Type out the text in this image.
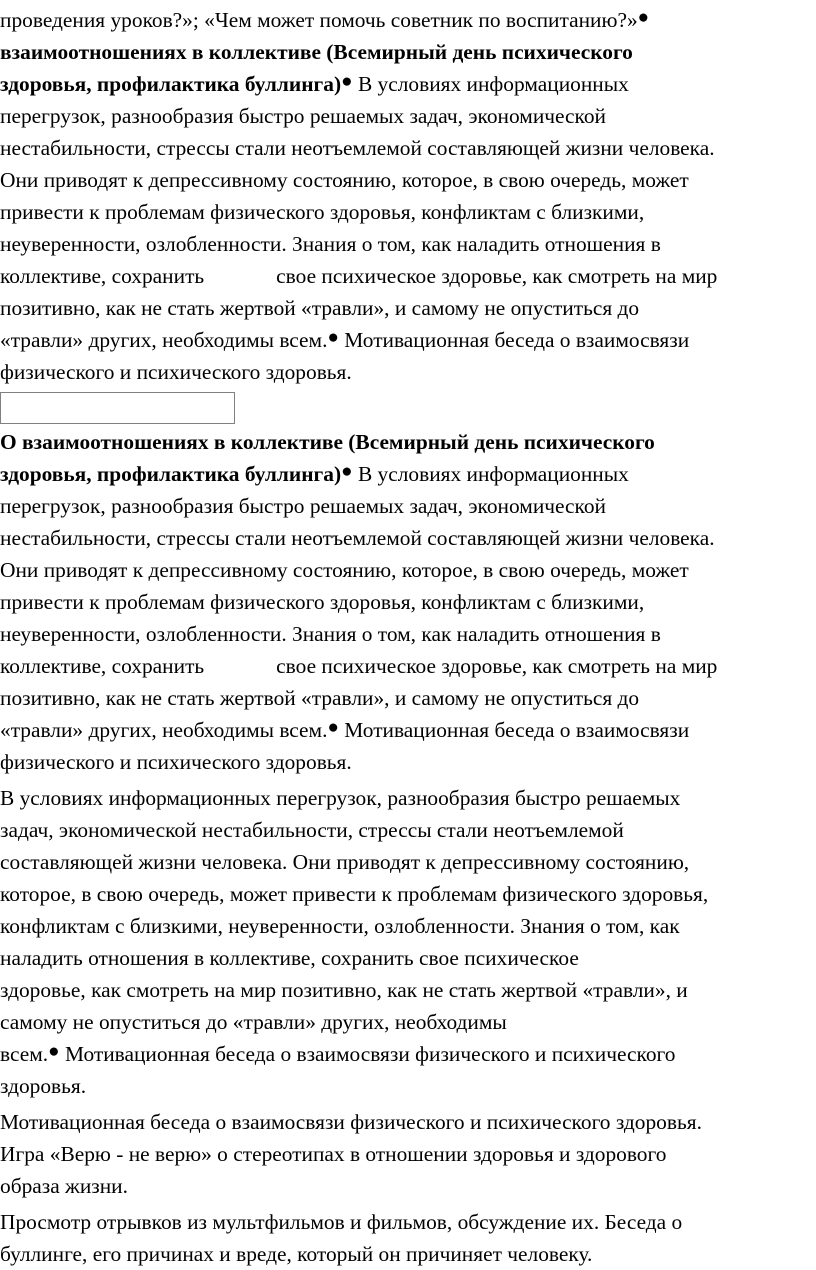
проведения уроков?»; «Чем может помочь советник по воспитанию?»●
взаимоотношениях в коллективе (Всемирный день психического
здоровья, профилактика буллинга)● В условиях информационных
перегрузок, разнообразия быстро решаемых задач, экономической
нестабильности, стрессы стали неотъемлемой составляющей жизни человека.
Они приводят к депрессивному состоянию, которое, в свою очередь, может
привести к проблемам физического здоровья, конфликтам с близкими,
неуверенности, озлобленности. Знания о том, как наладить отношения в
коллективе, сохранить	свое психическое здоровье, как смотреть на мир
позитивно, как не стать жертвой «травли», и самому не опуститься до
«травли» других, необходимы всем.● Мотивационная беседа о взаимосвязи
физического и психического здоровья.
О взаимоотношениях в коллективе (Всемирный день психического
здоровья, профилактика буллинга)● В условиях информационных
перегрузок, разнообразия быстро решаемых задач, экономической
нестабильности, стрессы стали неотъемлемой составляющей жизни человека.
Они приводят к депрессивному состоянию, которое, в свою очередь, может
привести к проблемам физического здоровья, конфликтам с близкими,
неуверенности, озлобленности. Знания о том, как наладить отношения в
коллективе, сохранить	свое психическое здоровье, как смотреть на мир
позитивно, как не стать жертвой «травли», и самому не опуститься до
«травли» других, необходимы всем.● Мотивационная беседа о взаимосвязи
физического и психического здоровья.
В условиях информационных перегрузок, разнообразия быстро решаемых
задач, экономической нестабильности, стрессы стали неотъемлемой
составляющей жизни человека. Они приводят к депрессивному состоянию,
которое, в свою очередь, может привести к проблемам физического здоровья,
конфликтам с близкими, неуверенности, озлобленности. Знания о том, как
наладить отношения в коллективе, сохранить свое психическое
здоровье, как смотреть на мир позитивно, как не стать жертвой «травли», и
самому не опуститься до «травли» других, необходимы
всем.● Мотивационная беседа о взаимосвязи физического и психического
здоровья.
Мотивационная беседа о взаимосвязи физического и психического здоровья.
Игра «Верю - не верю» о стереотипах в отношении здоровья и здорового
образа жизни.
Просмотр отрывков из мультфильмов и фильмов, обсуждение их. Беседа о
буллинге, его причинах и вреде, который он причиняет человеку.
